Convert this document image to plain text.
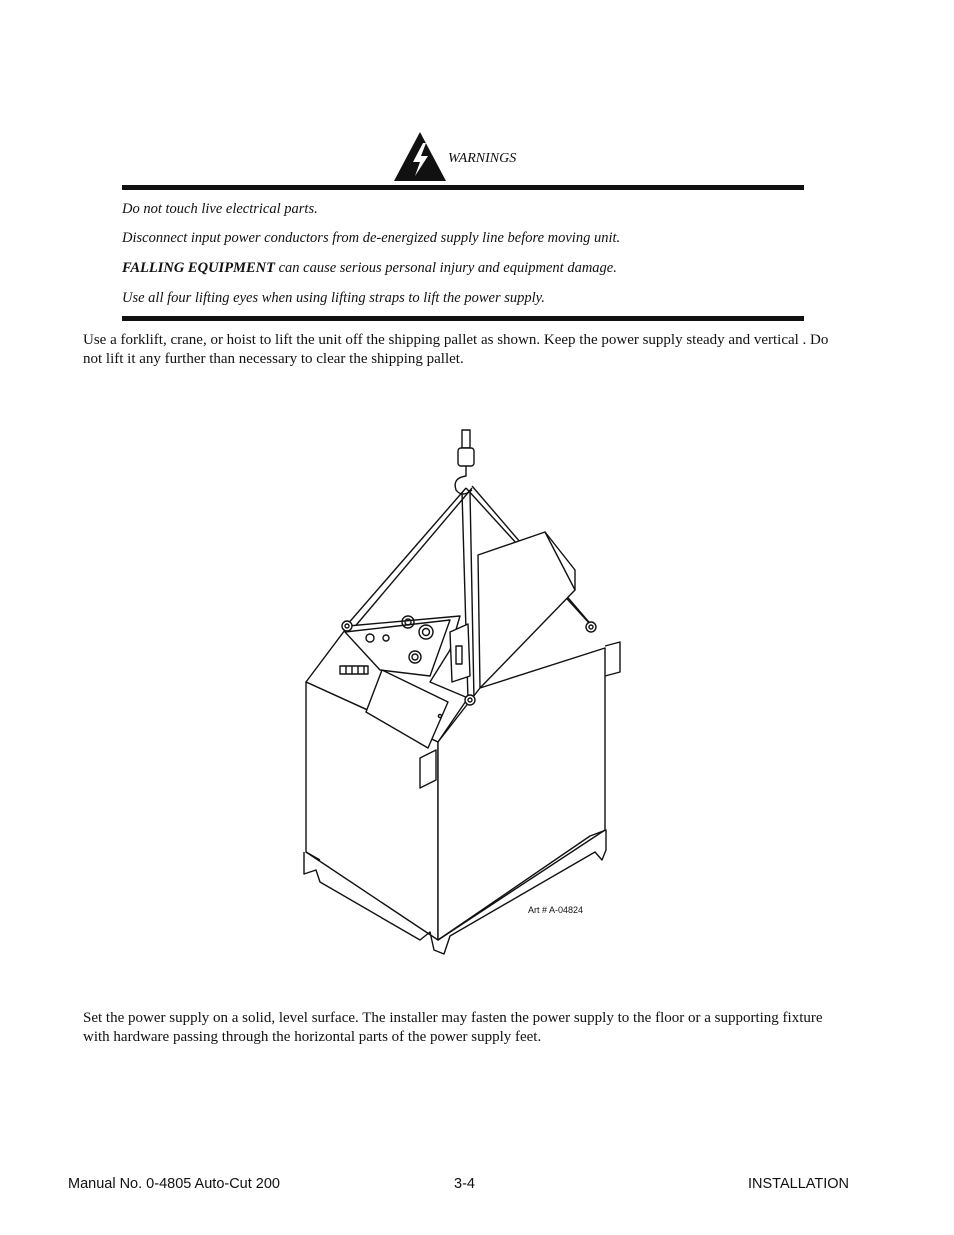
WARNINGS
Do not touch live electrical parts.
Disconnect input power conductors from de-energized supply line before moving unit.
FALLING EQUIPMENT can cause serious personal injury and equipment damage.
Use all four lifting eyes when using lifting straps to lift the power supply.

Use a forklift, crane, or hoist to lift the unit off the shipping pallet as shown. Keep the power supply steady and vertical . Do not lift it any further than necessary to clear the shipping pallet.

Art # A-04824

Set the power supply on a solid, level surface. The installer may fasten the power supply to the floor or a supporting fixture with hardware passing through the horizontal parts of the power supply feet.

Manual No. 0-4805 Auto-Cut 200	3-4	INSTALLATION
